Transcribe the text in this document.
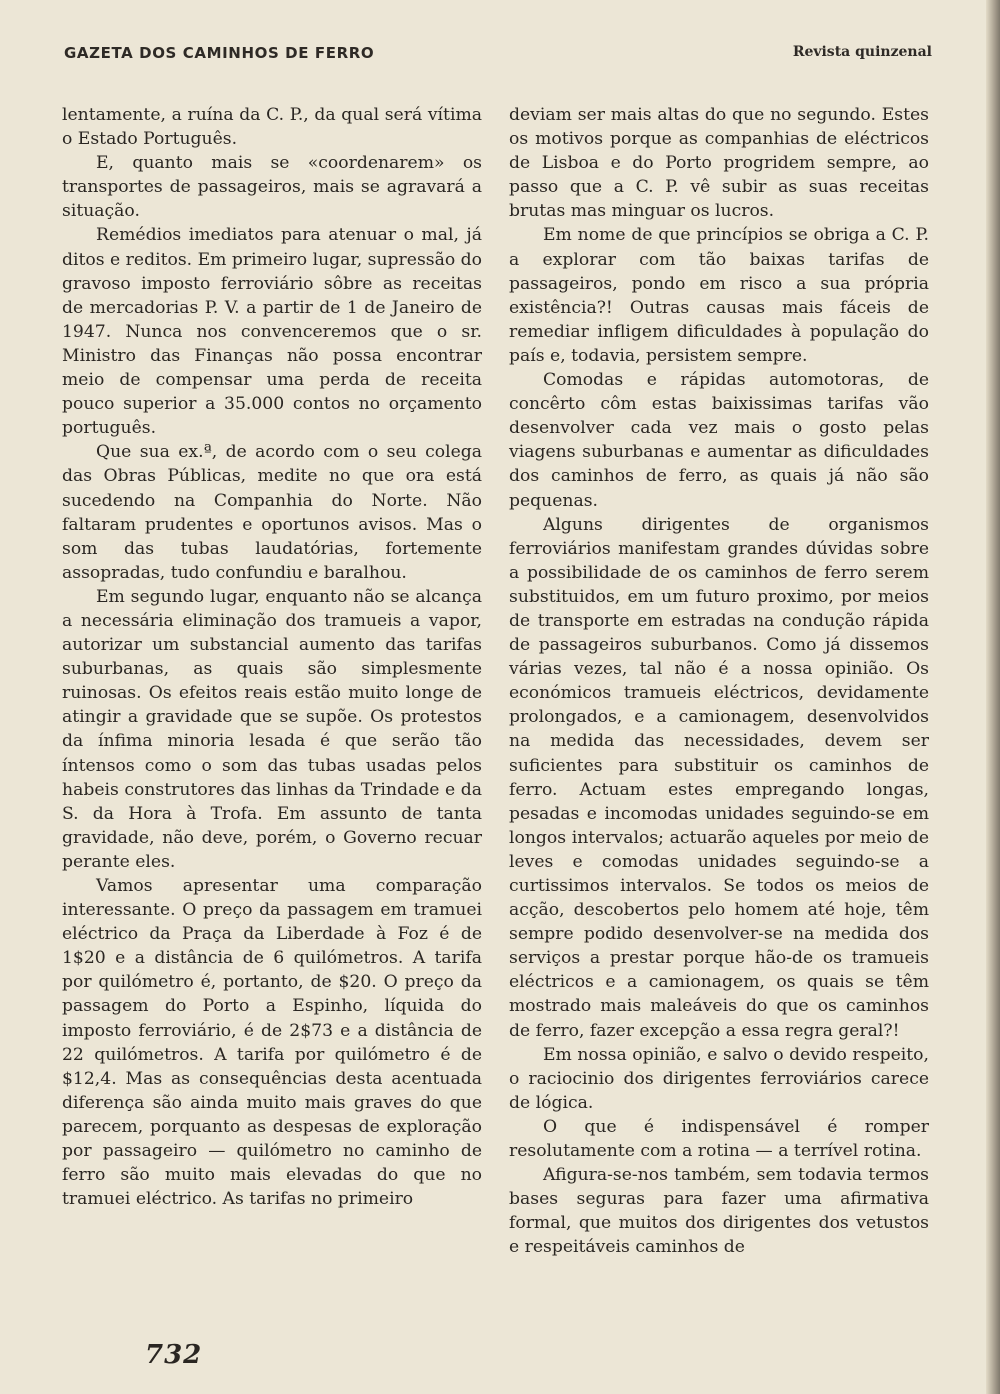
GAZETA DOS CAMINHOS DE FERRO	Revista quinzenal

lentamente, a ruína da C. P., da qual será vítima o Estado Português.

E, quanto mais se «coordenarem» os transportes de passageiros, mais se agravará a situação.

Remédios imediatos para atenuar o mal, já ditos e reditos. Em primeiro lugar, supressão do gravoso imposto ferroviário sôbre as receitas de mercadorias P. V. a partir de 1 de Janeiro de 1947. Nunca nos convenceremos que o sr. Ministro das Finanças não possa encontrar meio de compensar uma perda de receita pouco superior a 35.000 contos no orçamento português.

Que sua ex.ª, de acordo com o seu colega das Obras Públicas, medite no que ora está sucedendo na Companhia do Norte. Não faltaram prudentes e oportunos avisos. Mas o som das tubas laudatórias, fortemente assopradas, tudo confundiu e baralhou.

Em segundo lugar, enquanto não se alcança a necessária eliminação dos tramueis a vapor, autorizar um substancial aumento das tarifas suburbanas, as quais são simplesmente ruinosas. Os efeitos reais estão muito longe de atingir a gravidade que se supõe. Os protestos da ínfima minoria lesada é que serão tão íntensos como o som das tubas usadas pelos habeis construtores das linhas da Trindade e da S. da Hora à Trofa. Em assunto de tanta gravidade, não deve, porém, o Governo recuar perante eles.

Vamos apresentar uma comparação interessante. O preço da passagem em tramuei eléctrico da Praça da Liberdade à Foz é de 1$20 e a distância de 6 quilómetros. A tarifa por quilómetro é, portanto, de $20. O preço da passagem do Porto a Espinho, líquida do imposto ferroviário, é de 2$73 e a distância de 22 quilómetros. A tarifa por quilómetro é de $12,4. Mas as consequências desta acentuada diferença são ainda muito mais graves do que parecem, porquanto as despesas de exploração por passageiro — quilómetro no caminho de ferro são muito mais elevadas do que no tramuei eléctrico. As tarifas no primeiro

deviam ser mais altas do que no segundo. Estes os motivos porque as companhias de eléctricos de Lisboa e do Porto progridem sempre, ao passo que a C. P. vê subir as suas receitas brutas mas minguar os lucros.

Em nome de que princípios se obriga a C. P. a explorar com tão baixas tarifas de passageiros, pondo em risco a sua própria existência?! Outras causas mais fáceis de remediar infligem dificuldades à população do país e, todavia, persistem sempre.

Comodas e rápidas automotoras, de concêrto côm estas baixissimas tarifas vão desenvolver cada vez mais o gosto pelas viagens suburbanas e aumentar as dificuldades dos caminhos de ferro, as quais já não são pequenas.

Alguns dirigentes de organismos ferroviários manifestam grandes dúvidas sobre a possibilidade de os caminhos de ferro serem substituidos, em um futuro proximo, por meios de transporte em estradas na condução rápida de passageiros suburbanos. Como já dissemos várias vezes, tal não é a nossa opinião. Os económicos tramueis eléctricos, devidamente prolongados, e a camionagem, desenvolvidos na medida das necessidades, devem ser suficientes para substituir os caminhos de ferro. Actuam estes empregando longas, pesadas e incomodas unidades seguindo-se em longos intervalos; actuarão aqueles por meio de leves e comodas unidades seguindo-se a curtissimos intervalos. Se todos os meios de acção, descobertos pelo homem até hoje, têm sempre podido desenvolver-se na medida dos serviços a prestar porque hão-de os tramueis eléctricos e a camionagem, os quais se têm mostrado mais maleáveis do que os caminhos de ferro, fazer excepção a essa regra geral?!

Em nossa opinião, e salvo o devido respeito, o raciocinio dos dirigentes ferroviários carece de lógica.

O que é indispensável é romper resolutamente com a rotina — a terrível rotina.

Afigura-se-nos também, sem todavia termos bases seguras para fazer uma afirmativa formal, que muitos dos dirigentes dos vetustos e respeitáveis caminhos de

732
